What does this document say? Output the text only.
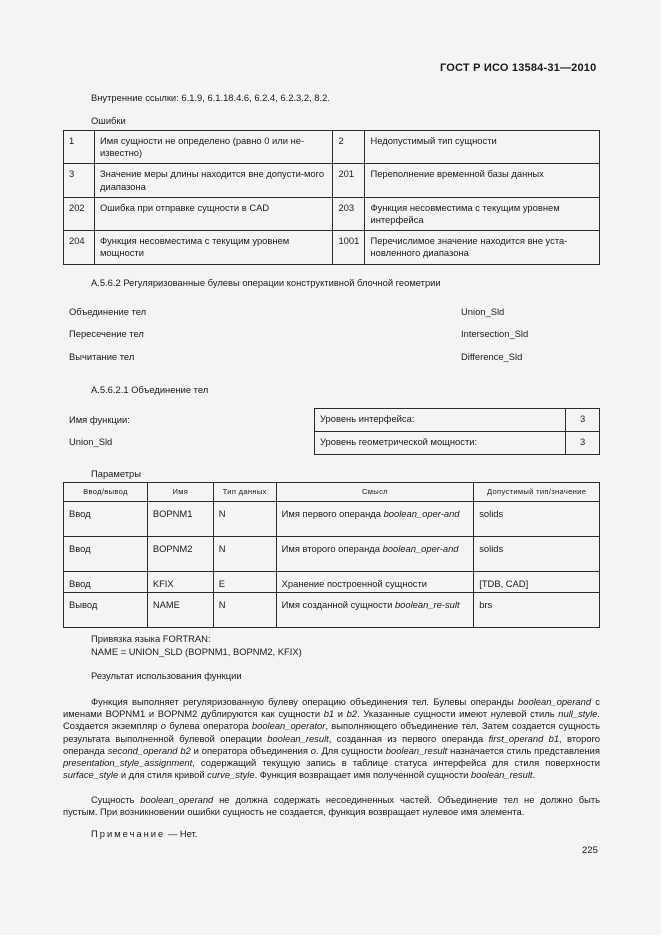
ГОСТ Р ИСО 13584-31—2010
Внутренние ссылки: 6.1.9, 6.1.18.4.6, 6.2.4, 6.2.3.2, 8.2.
Ошибки
1	Имя сущности не определено (равно 0 или не-известно)	2	Недопустимый тип сущности
3	Значение меры длины находится вне допусти-мого диапазона	201	Переполнение временной базы данных
202	Ошибка при отправке сущности в CAD	203	Функция несовместима с текущим уровнем интерфейса
204	Функция несовместима с текущим уровнем мощности	1001	Перечислимое значение находится вне уста-новленного диапазона
А.5.6.2 Регуляризованные булевы операции конструктивной блочной геометрии
Объединение тел	Union_Sld
Пересечение тел	Intersection_Sld
Вычитание тел	Difference_Sld
А.5.6.2.1 Объединение тел
Имя функции:
Union_Sld
Уровень интерфейса:	3
Уровень геометрической мощности:	3
Параметры
Ввод/вывод	Имя	Тип данных	Смысл	Допустимый тип/значение
Ввод	BOPNM1	N	Имя первого операнда boolean_oper-and	solids
Ввод	BOPNM2	N	Имя второго операнда boolean_oper-and	solids
Ввод	KFIX	E	Хранение построенной сущности	[TDB, CAD]
Вывод	NAME	N	Имя созданной сущности boolean_re-sult	brs
Привязка языка FORTRAN:
NAME = UNION_SLD (BOPNM1, BOPNM2, KFIX)
Результат использования функции
Функция выполняет регуляризованную булеву операцию объединения тел. Булевы операнды boolean_operand с именами BOPNM1 и BOPNM2 дублируются как сущности b1 и b2. Указанные сущности имеют нулевой стиль null_style. Создается экземпляр o булева оператора boolean_operator, выполняющего объединение тел. Затем создается сущность результата выполненной булевой операции boolean_result, созданная из первого операнда first_operand b1, второго операнда second_operand b2 и оператора объединения o. Для сущности boolean_result назначается стиль представления presentation_style_assignment, содержащий текущую запись в таблице статуса интерфейса для стиля поверхности surface_style и для стиля кривой curve_style. Функция возвращает имя полученной сущности boolean_result.
Сущность boolean_operand не должна содержать несоединенных частей. Объединение тел не должно быть пустым. При возникновении ошибки сущность не создается, функция возвращает нулевое имя элемента.
Примечание — Нет.
225
